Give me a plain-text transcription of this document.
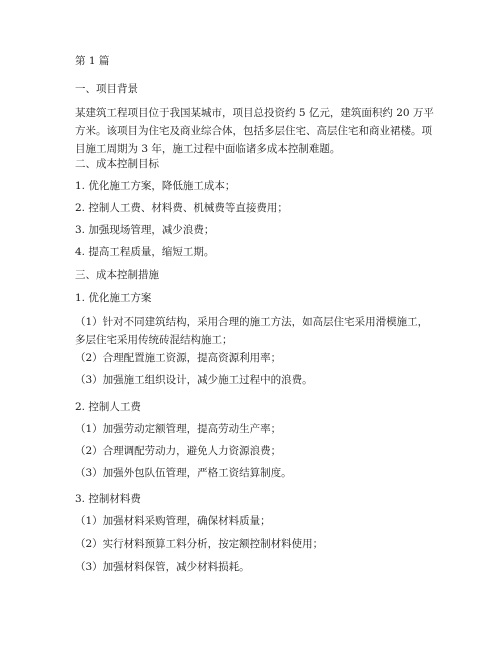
第 1 篇
一、项目背景
某建筑工程项目位于我国某城市，项目总投资约 5 亿元，建筑面积约 20 万平方米。该项目为住宅及商业综合体，包括多层住宅、高层住宅和商业裙楼。项目施工周期为 3 年，施工过程中面临诸多成本控制难题。
二、成本控制目标
1. 优化施工方案，降低施工成本；
2. 控制人工费、材料费、机械费等直接费用；
3. 加强现场管理，减少浪费；
4. 提高工程质量，缩短工期。
三、成本控制措施
1. 优化施工方案
（1）针对不同建筑结构，采用合理的施工方法，如高层住宅采用滑模施工，多层住宅采用传统砖混结构施工；
（2）合理配置施工资源，提高资源利用率；
（3）加强施工组织设计，减少施工过程中的浪费。
2. 控制人工费
（1）加强劳动定额管理，提高劳动生产率；
（2）合理调配劳动力，避免人力资源浪费；
（3）加强外包队伍管理，严格工资结算制度。
3. 控制材料费
（1）加强材料采购管理，确保材料质量；
（2）实行材料预算工料分析，按定额控制材料使用；
（3）加强材料保管，减少材料损耗。
